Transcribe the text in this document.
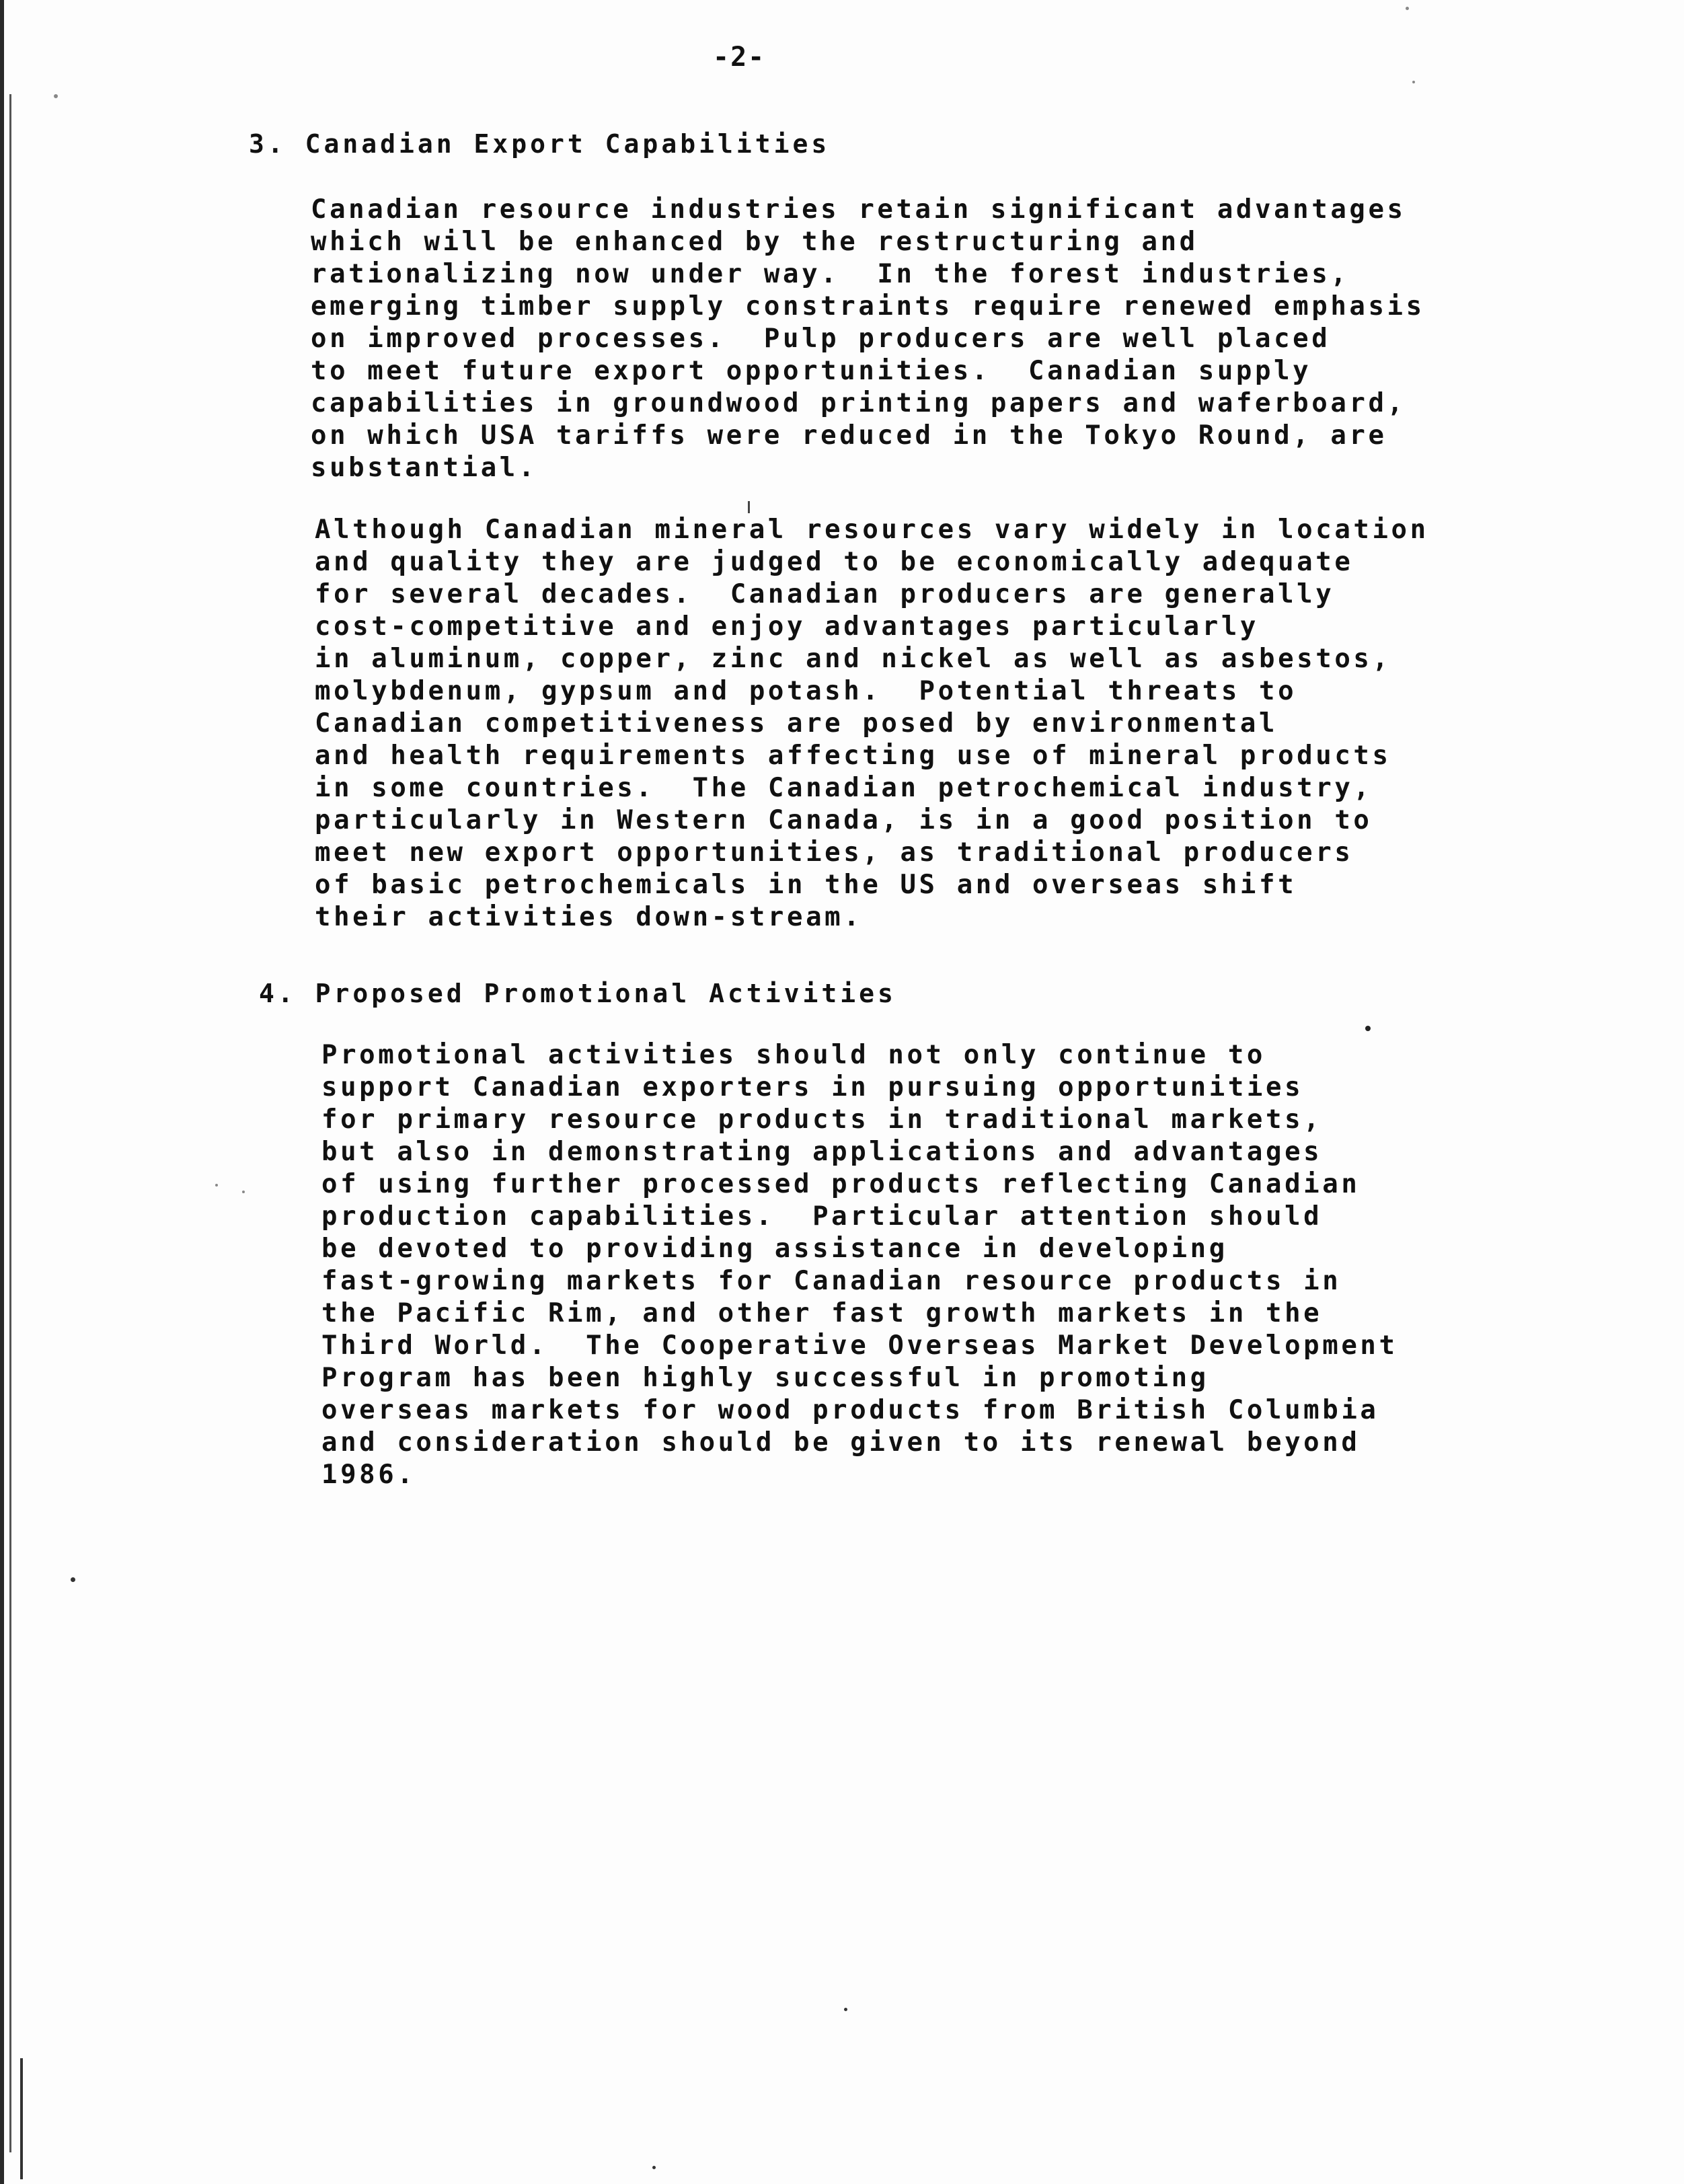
-2-
3. Canadian Export Capabilities

Canadian resource industries retain significant advantages
which will be enhanced by the restructuring and
rationalizing now under way.  In the forest industries,
emerging timber supply constraints require renewed emphasis
on improved processes.  Pulp producers are well placed
to meet future export opportunities.  Canadian supply
capabilities in groundwood printing papers and waferboard,
on which USA tariffs were reduced in the Tokyo Round, are
substantial.

Although Canadian mineral resources vary widely in location
and quality they are judged to be economically adequate
for several decades.  Canadian producers are generally
cost-competitive and enjoy advantages particularly
in aluminum, copper, zinc and nickel as well as asbestos,
molybdenum, gypsum and potash.  Potential threats to
Canadian competitiveness are posed by environmental
and health requirements affecting use of mineral products
in some countries.  The Canadian petrochemical industry,
particularly in Western Canada, is in a good position to
meet new export opportunities, as traditional producers
of basic petrochemicals in the US and overseas shift
their activities down-stream.

4. Proposed Promotional Activities

Promotional activities should not only continue to
support Canadian exporters in pursuing opportunities
for primary resource products in traditional markets,
but also in demonstrating applications and advantages
of using further processed products reflecting Canadian
production capabilities.  Particular attention should
be devoted to providing assistance in developing
fast-growing markets for Canadian resource products in
the Pacific Rim, and other fast growth markets in the
Third World.  The Cooperative Overseas Market Development
Program has been highly successful in promoting
overseas markets for wood products from British Columbia
and consideration should be given to its renewal beyond
1986.
